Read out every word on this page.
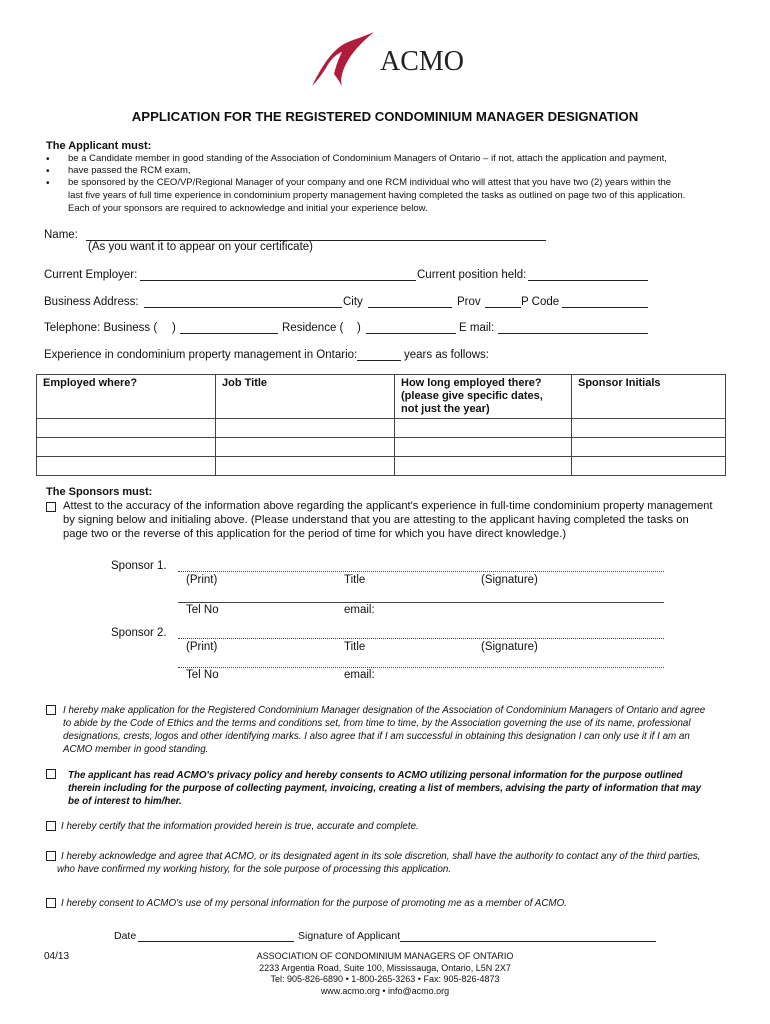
ACMO
APPLICATION FOR THE REGISTERED CONDOMINIUM MANAGER DESIGNATION
The Applicant must:
• be a Candidate member in good standing of the Association of Condominium Managers of Ontario – if not, attach the application and payment,
• have passed the RCM exam,
• be sponsored by the CEO/VP/Regional Manager of your company and one RCM individual who will attest that you have two (2) years within the
last five years of full time experience in condominium property management having completed the tasks as outlined on page two of this application.
Each of your sponsors are required to acknowledge and initial your experience below.
Name:
(As you want it to appear on your certificate)
Current Employer:	Current position held:
Business Address:	City	Prov	P Code
Telephone: Business ( )	Residence ( )	E mail:
Experience in condominium property management in Ontario:	years as follows:
Employed where?	Job Title	How long employed there?
(please give specific dates,
not just the year)	Sponsor Initials

The Sponsors must:
Attest to the accuracy of the information above regarding the applicant's experience in full-time condominium property management
by signing below and initialing above. (Please understand that you are attesting to the applicant having completed the tasks on
page two or the reverse of this application for the period of time for which you have direct knowledge.)
Sponsor 1.
(Print)	Title	(Signature)
Tel No	email:
Sponsor 2.
(Print)	Title	(Signature)
Tel No	email:
I hereby make application for the Registered Condominium Manager designation of the Association of Condominium Managers of Ontario and agree
to abide by the Code of Ethics and the terms and conditions set, from time to time, by the Association governing the use of its name, professional
designations, crests, logos and other identifying marks. I also agree that if I am successful in obtaining this designation I can only use it if I am an
ACMO member in good standing.
The applicant has read ACMO's privacy policy and hereby consents to ACMO utilizing personal information for the purpose outlined
therein including for the purpose of collecting payment, invoicing, creating a list of members, advising the party of information that may
be of interest to him/her.
I hereby certify that the information provided herein is true, accurate and complete.
I hereby acknowledge and agree that ACMO, or its designated agent in its sole discretion, shall have the authority to contact any of the third parties,
who have confirmed my working history, for the sole purpose of processing this application.
I hereby consent to ACMO's use of my personal information for the purpose of promoting me as a member of ACMO.
Date	Signature of Applicant
04/13	ASSOCIATION OF CONDOMINIUM MANAGERS OF ONTARIO
2233 Argentia Road, Suite 100, Mississauga, Ontario, L5N 2X7
Tel: 905-826-6890 • 1-800-265-3263 • Fax: 905-826-4873
www.acmo.org • info@acmo.org
